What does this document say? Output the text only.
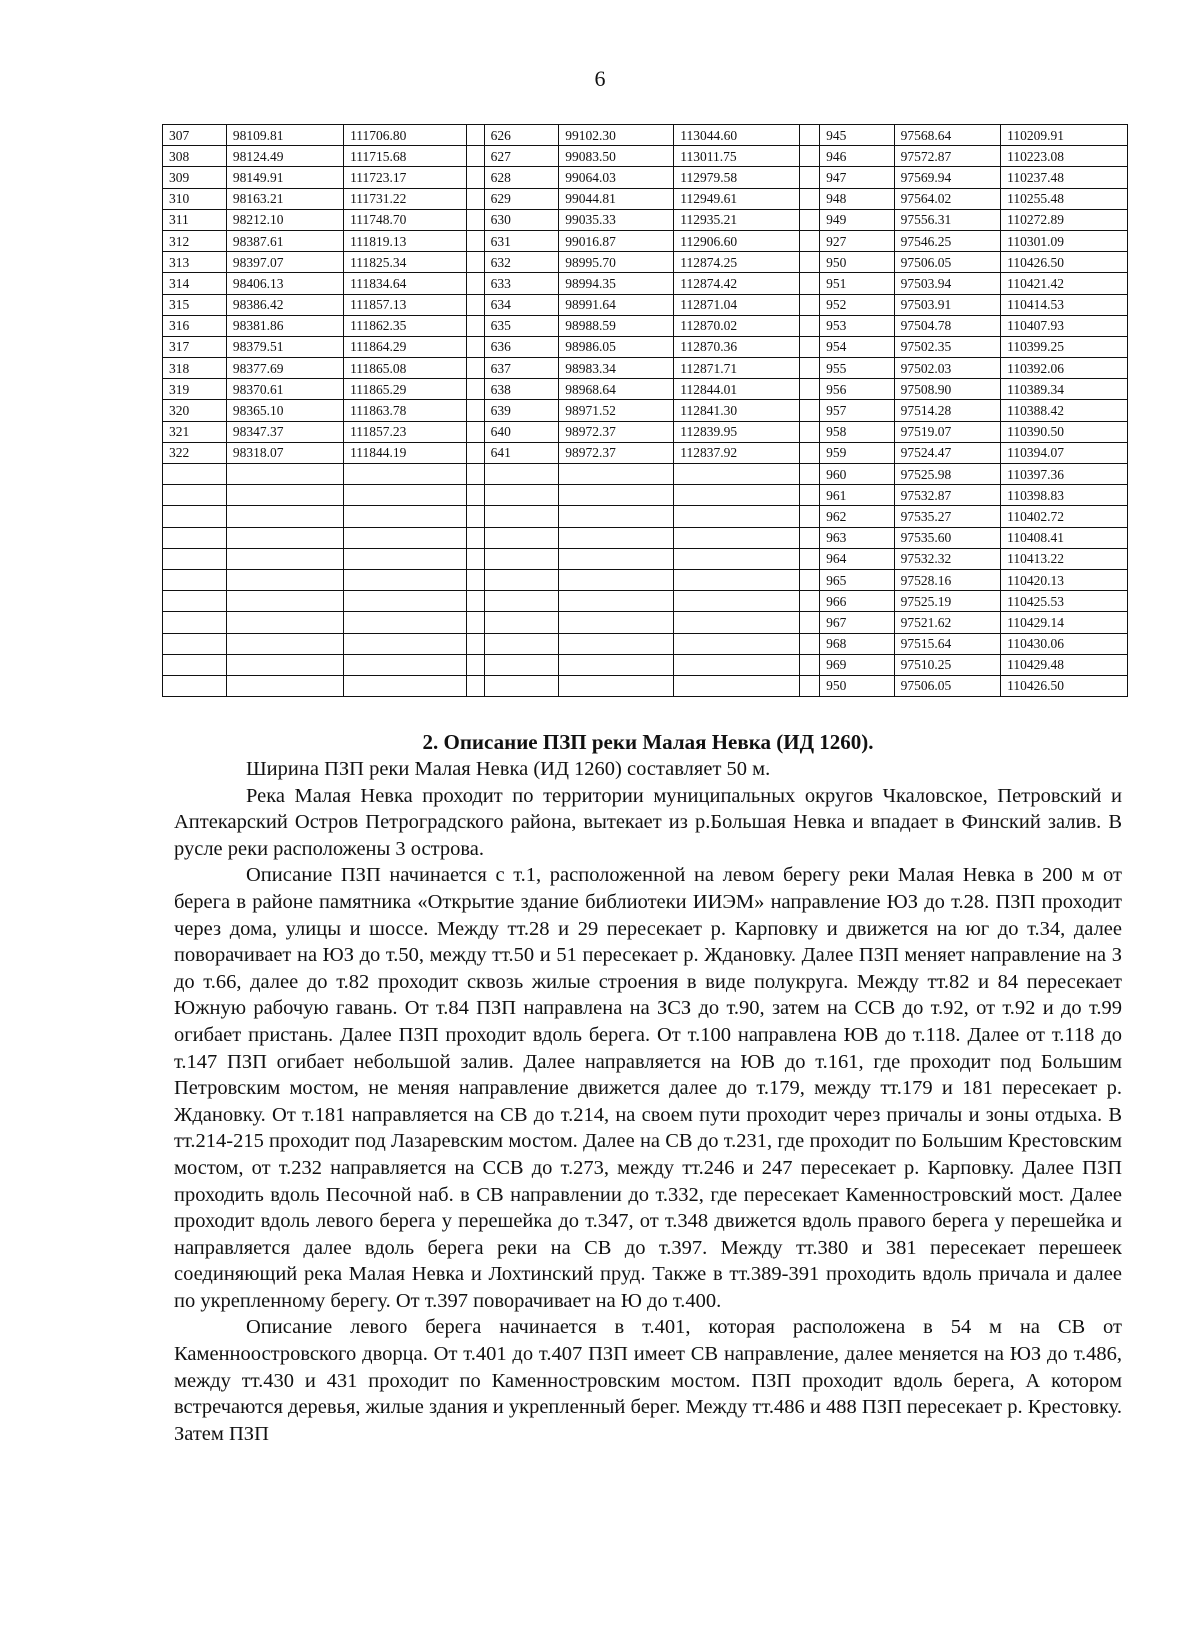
6
307	98109.81	111706.80		626	99102.30	113044.60		945	97568.64	110209.91
308	98124.49	111715.68		627	99083.50	113011.75		946	97572.87	110223.08
309	98149.91	111723.17		628	99064.03	112979.58		947	97569.94	110237.48
310	98163.21	111731.22		629	99044.81	112949.61		948	97564.02	110255.48
311	98212.10	111748.70		630	99035.33	112935.21		949	97556.31	110272.89
312	98387.61	111819.13		631	99016.87	112906.60		927	97546.25	110301.09
313	98397.07	111825.34		632	98995.70	112874.25		950	97506.05	110426.50
314	98406.13	111834.64		633	98994.35	112874.42		951	97503.94	110421.42
315	98386.42	111857.13		634	98991.64	112871.04		952	97503.91	110414.53
316	98381.86	111862.35		635	98988.59	112870.02		953	97504.78	110407.93
317	98379.51	111864.29		636	98986.05	112870.36		954	97502.35	110399.25
318	98377.69	111865.08		637	98983.34	112871.71		955	97502.03	110392.06
319	98370.61	111865.29		638	98968.64	112844.01		956	97508.90	110389.34
320	98365.10	111863.78		639	98971.52	112841.30		957	97514.28	110388.42
321	98347.37	111857.23		640	98972.37	112839.95		958	97519.07	110390.50
322	98318.07	111844.19		641	98972.37	112837.92		959	97524.47	110394.07
								960	97525.98	110397.36
								961	97532.87	110398.83
								962	97535.27	110402.72
								963	97535.60	110408.41
								964	97532.32	110413.22
								965	97528.16	110420.13
								966	97525.19	110425.53
								967	97521.62	110429.14
								968	97515.64	110430.06
								969	97510.25	110429.48
								950	97506.05	110426.50
2. Описание ПЗП реки Малая Невка (ИД 1260).

Ширина ПЗП реки Малая Невка (ИД 1260) составляет 50 м.

Река Малая Невка проходит по территории муниципальных округов Чкаловское, Петровский и Аптекарский Остров Петроградского района, вытекает из р.Большая Невка и впадает в Финский залив. В русле реки расположены 3 острова.

Описание ПЗП начинается с т.1, расположенной на левом берегу реки Малая Невка в 200 м от берега в районе памятника «Открытие здание библиотеки ИИЭМ» направление ЮЗ до т.28. ПЗП проходит через дома, улицы и шоссе. Между тт.28 и 29 пересекает р. Карповку и движется на юг до т.34, далее поворачивает на ЮЗ до т.50, между тт.50 и 51 пересекает р. Ждановку. Далее ПЗП меняет направление на З до т.66, далее до т.82 проходит сквозь жилые строения в виде полукруга. Между тт.82 и 84 пересекает Южную рабочую гавань. От т.84 ПЗП направлена на ЗСЗ до т.90, затем на ССВ до т.92, от т.92 и до т.99 огибает пристань. Далее ПЗП проходит вдоль берега. От т.100 направлена ЮВ до т.118. Далее от т.118 до т.147 ПЗП огибает небольшой залив. Далее направляется на ЮВ до т.161, где проходит под Большим Петровским мостом, не меняя направление движется далее до т.179, между тт.179 и 181 пересекает р. Ждановку. От т.181 направляется на СВ до т.214, на своем пути проходит через причалы и зоны отдыха. В тт.214-215 проходит под Лазаревским мостом. Далее на СВ до т.231, где проходит по Большим Крестовским мостом, от т.232 направляется на ССВ до т.273, между тт.246 и 247 пересекает р. Карповку. Далее ПЗП проходить вдоль Песочной наб. в СВ направлении до т.332, где пересекает Каменностровский мост. Далее проходит вдоль левого берега у перешейка до т.347, от т.348 движется вдоль правого берега у перешейка и направляется далее вдоль берега реки на СВ до т.397. Между тт.380 и 381 пересекает перешеек соединяющий река Малая Невка и Лохтинский пруд. Также в тт.389-391 проходить вдоль причала и далее по укрепленному берегу. От т.397 поворачивает на Ю до т.400.

Описание левого берега начинается в т.401, которая расположена в 54 м на СВ от Каменноостровского дворца. От т.401 до т.407 ПЗП имеет СВ направление, далее меняется на ЮЗ до т.486, между тт.430 и 431 проходит по Каменностровским мостом. ПЗП проходит вдоль берега, А котором встречаются деревья, жилые здания и укрепленный берег. Между тт.486 и 488 ПЗП пересекает р. Крестовку. Затем ПЗП
